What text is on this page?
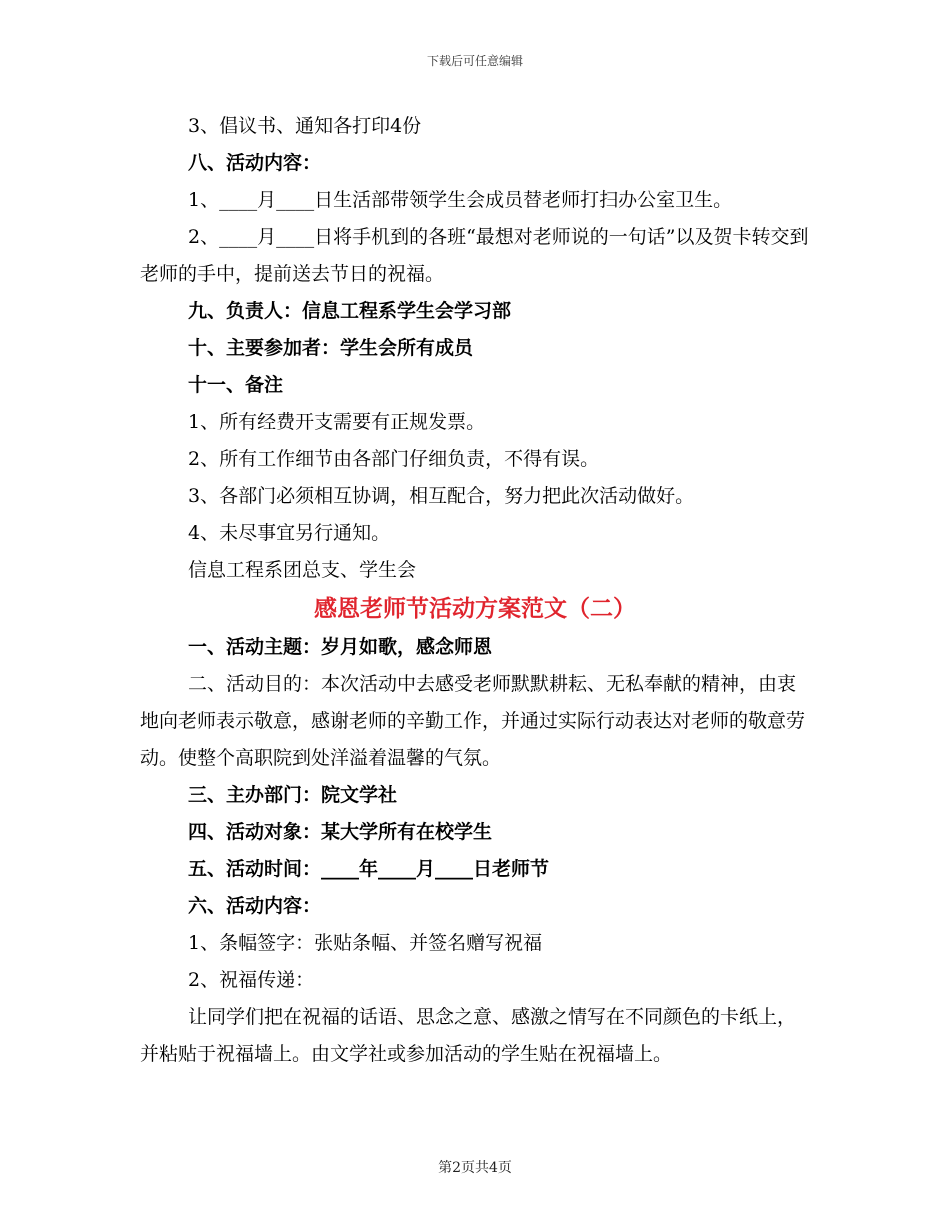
下载后可任意编辑

3、倡议书、通知各打印4份

八、活动内容：

1、____月____日生活部带领学生会成员替老师打扫办公室卫生。

2、____月____日将手机到的各班“最想对老师说的一句话”以及贺卡转交到老师的手中，提前送去节日的祝福。

九、负责人：信息工程系学生会学习部

十、主要参加者：学生会所有成员

十一、备注

1、所有经费开支需要有正规发票。

2、所有工作细节由各部门仔细负责，不得有误。

3、各部门必须相互协调，相互配合，努力把此次活动做好。

4、未尽事宜另行通知。

信息工程系团总支、学生会

感恩老师节活动方案范文（二）

一、活动主题：岁月如歌，感念师恩

二、活动目的：本次活动中去感受老师默默耕耘、无私奉献的精神，由衷地向老师表示敬意，感谢老师的辛勤工作，并通过实际行动表达对老师的敬意劳动。使整个高职院到处洋溢着温馨的气氛。

三、主办部门：院文学社

四、活动对象：某大学所有在校学生

五、活动时间：____年____月____日老师节

六、活动内容：

1、条幅签字：张贴条幅、并签名赠写祝福

2、祝福传递：

让同学们把在祝福的话语、思念之意、感激之情写在不同颜色的卡纸上，并粘贴于祝福墙上。由文学社或参加活动的学生贴在祝福墙上。

第2页共4页
